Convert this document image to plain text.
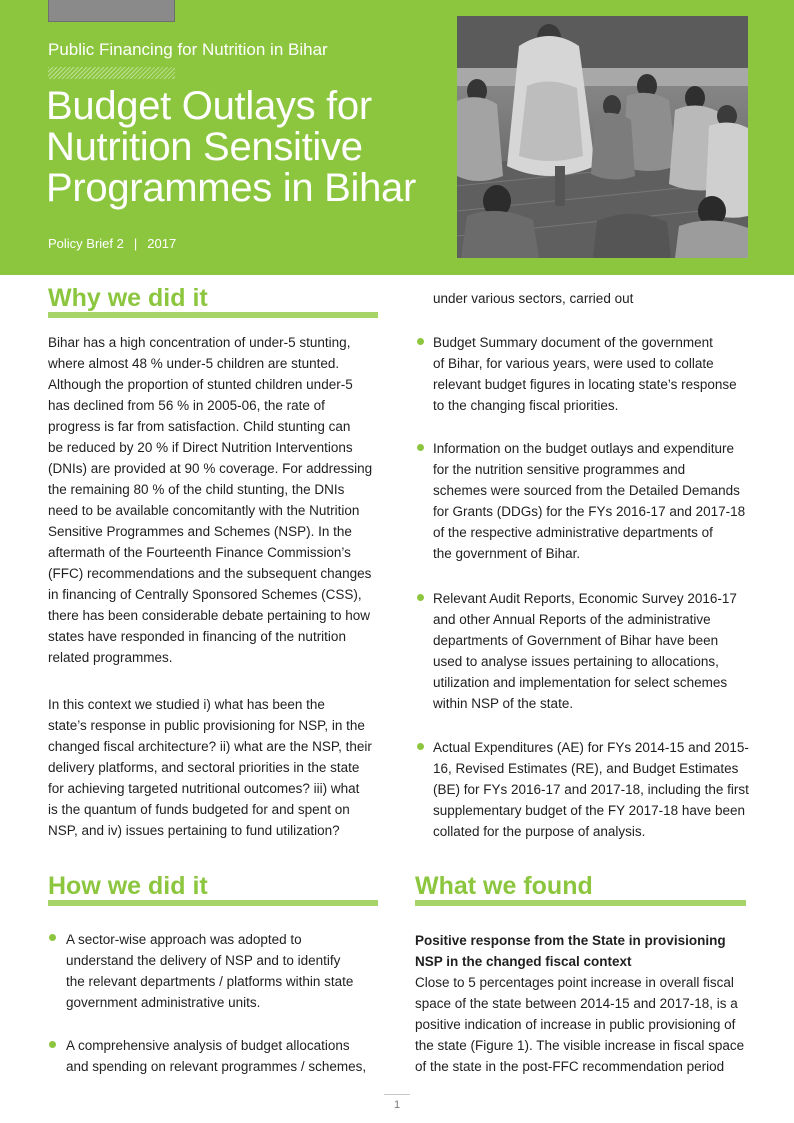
Public Financing for Nutrition in Bihar
Budget Outlays for
Nutrition Sensitive
Programmes in Bihar
Policy Brief 2 | 2017
Why we did it
Bihar has a high concentration of under-5 stunting,
where almost 48 % under-5 children are stunted.
Although the proportion of stunted children under-5
has declined from 56 % in 2005-06, the rate of
progress is far from satisfaction. Child stunting can
be reduced by 20 % if Direct Nutrition Interventions
(DNIs) are provided at 90 % coverage. For addressing
the remaining 80 % of the child stunting, the DNIs
need to be available concomitantly with the Nutrition
Sensitive Programmes and Schemes (NSP). In the
aftermath of the Fourteenth Finance Commission’s
(FFC) recommendations and the subsequent changes
in financing of Centrally Sponsored Schemes (CSS),
there has been considerable debate pertaining to how
states have responded in financing of the nutrition
related programmes.
In this context we studied i) what has been the
state’s response in public provisioning for NSP, in the
changed fiscal architecture? ii) what are the NSP, their
delivery platforms, and sectoral priorities in the state
for achieving targeted nutritional outcomes? iii) what
is the quantum of funds budgeted for and spent on
NSP, and iv) issues pertaining to fund utilization?
How we did it
A sector-wise approach was adopted to
understand the delivery of NSP and to identify
the relevant departments / platforms within state
government administrative units.
A comprehensive analysis of budget allocations
and spending on relevant programmes / schemes,
under various sectors, carried out
Budget Summary document of the government
of Bihar, for various years, were used to collate
relevant budget figures in locating state’s response
to the changing fiscal priorities.
Information on the budget outlays and expenditure
for the nutrition sensitive programmes and
schemes were sourced from the Detailed Demands
for Grants (DDGs) for the FYs 2016-17 and 2017-18
of the respective administrative departments of
the government of Bihar.
Relevant Audit Reports, Economic Survey 2016-17
and other Annual Reports of the administrative
departments of Government of Bihar have been
used to analyse issues pertaining to allocations,
utilization and implementation for select schemes
within NSP of the state.
Actual Expenditures (AE) for FYs 2014-15 and 2015-
16, Revised Estimates (RE), and Budget Estimates
(BE) for FYs 2016-17 and 2017-18, including the first
supplementary budget of the FY 2017-18 have been
collated for the purpose of analysis.
What we found
Positive response from the State in provisioning
NSP in the changed fiscal context
Close to 5 percentages point increase in overall fiscal
space of the state between 2014-15 and 2017-18, is a
positive indication of increase in public provisioning of
the state (Figure 1). The visible increase in fiscal space
of the state in the post-FFC recommendation period
1
